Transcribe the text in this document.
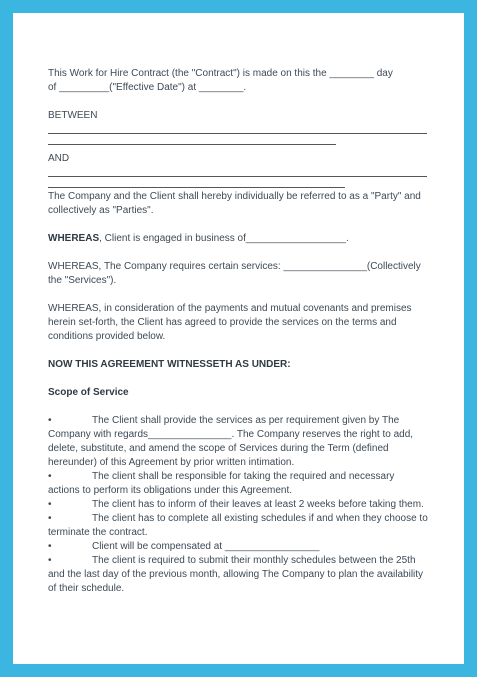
This Work for Hire Contract (the "Contract") is made on this the ________ day

of _________("Effective Date") at ________.

BETWEEN

AND

The Company and the Client shall hereby individually be referred to as a "Party" and collectively as "Parties".

WHEREAS, Client is engaged in business of__________________.

WHEREAS, The Company requires certain services: _______________(Collectively the "Services").

WHEREAS, in consideration of the payments and mutual covenants and premises herein set-forth, the Client has agreed to provide the services on the terms and conditions provided below.

NOW THIS AGREEMENT WITNESSETH AS UNDER:

Scope of Service

•	The Client shall provide the services as per requirement given by The Company with regards_______________. The Company reserves the right to add, delete, substitute, and amend the scope of Services during the Term (defined hereunder) of this Agreement by prior written intimation.

•	The client shall be responsible for taking the required and necessary actions to perform its obligations under this Agreement.

•	The client has to inform of their leaves at least 2 weeks before taking them.

•	The client has to complete all existing schedules if and when they choose to terminate the contract.

•	Client will be compensated at _________________

•	The client is required to submit their monthly schedules between the 25th and the last day of the previous month, allowing The Company to plan the availability of their schedule.
